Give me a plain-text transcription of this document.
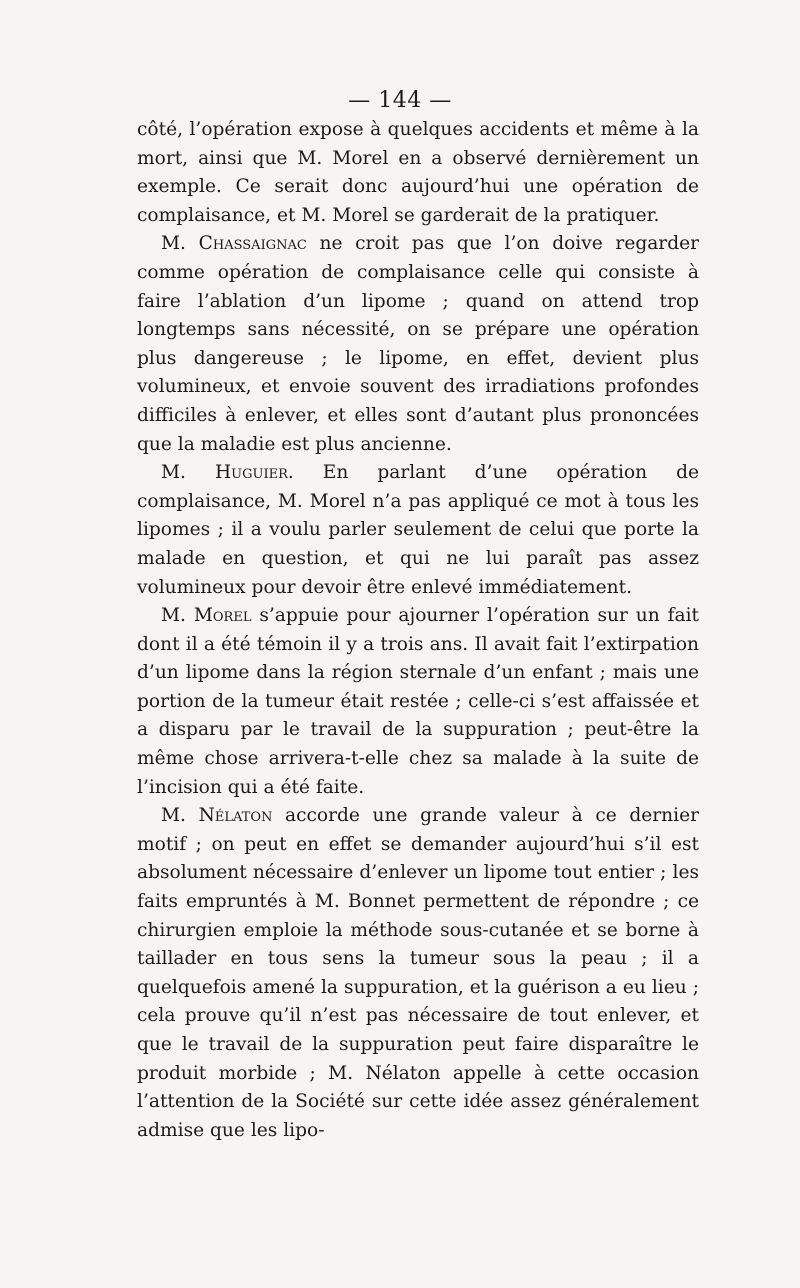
— 144 —

côté, l’opération expose à quelques accidents et même à la mort, ainsi que M. Morel en a observé dernièrement un exemple. Ce serait donc aujourd’hui une opération de complaisance, et M. Morel se garderait de la pratiquer.

M. Chassaignac ne croit pas que l’on doive regarder comme opération de complaisance celle qui consiste à faire l’ablation d’un lipome ; quand on attend trop longtemps sans nécessité, on se prépare une opération plus dangereuse ; le lipome, en effet, devient plus volumineux, et envoie souvent des irradiations profondes difficiles à enlever, et elles sont d’autant plus prononcées que la maladie est plus ancienne.

M. Huguier. En parlant d’une opération de complaisance, M. Morel n’a pas appliqué ce mot à tous les lipomes ; il a voulu parler seulement de celui que porte la malade en question, et qui ne lui paraît pas assez volumineux pour devoir être enlevé immédiatement.

M. Morel s’appuie pour ajourner l’opération sur un fait dont il a été témoin il y a trois ans. Il avait fait l’extirpation d’un lipome dans la région sternale d’un enfant ; mais une portion de la tumeur était restée ; celle-ci s’est affaissée et a disparu par le travail de la suppuration ; peut-être la même chose arrivera-t-elle chez sa malade à la suite de l’incision qui a été faite.

M. Nélaton accorde une grande valeur à ce dernier motif ; on peut en effet se demander aujourd’hui s’il est absolument nécessaire d’enlever un lipome tout entier ; les faits empruntés à M. Bonnet permettent de répondre ; ce chirurgien emploie la méthode sous-cutanée et se borne à taillader en tous sens la tumeur sous la peau ; il a quelquefois amené la suppuration, et la guérison a eu lieu ; cela prouve qu’il n’est pas nécessaire de tout enlever, et que le travail de la suppuration peut faire disparaître le produit morbide ; M. Nélaton appelle à cette occasion l’attention de la Société sur cette idée assez généralement admise que les lipo-
